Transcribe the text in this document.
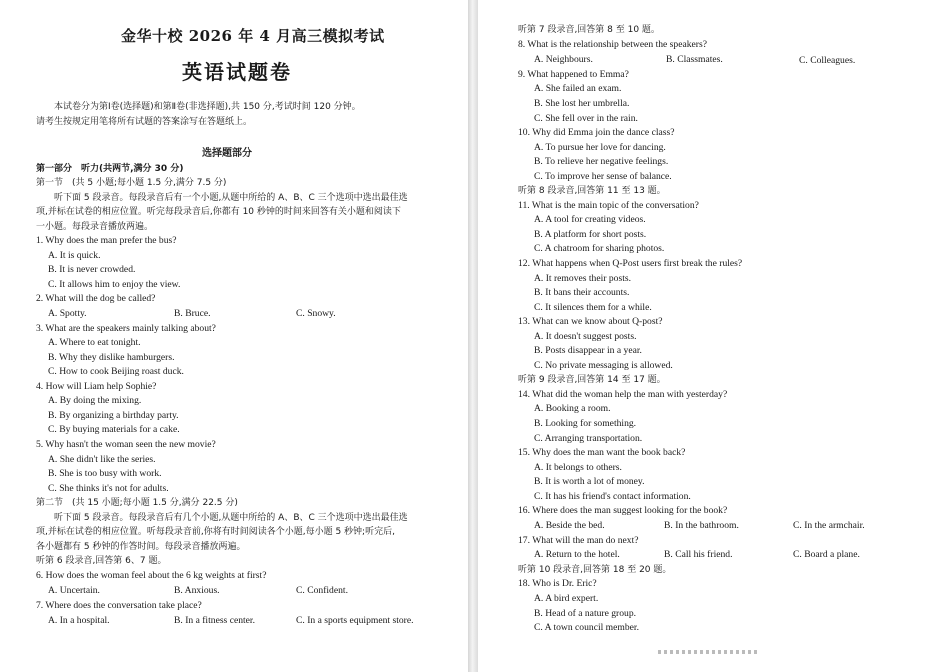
金华十校 2026 年 4 月高三模拟考试
英语试题卷
本试卷分为第Ⅰ卷(选择题)和第Ⅱ卷(非选择题),共 150 分,考试时间 120 分钟。
请考生按规定用笔将所有试题的答案涂写在答题纸上。
选择题部分
第一部分　听力(共两节,满分 30 分)
第一节　(共 5 小题;每小题 1.5 分,满分 7.5 分)
听下面 5 段录音。每段录音后有一个小题,从题中所给的 A、B、C 三个选项中选出最佳选
项,并标在试卷的相应位置。听完每段录音后,你都有 10 秒钟的时间来回答有关小题和阅读下
一小题。每段录音播放两遍。
1. Why does the man prefer the bus?
A. It is quick.
B. It is never crowded.
C. It allows him to enjoy the view.
2. What will the dog be called?
A. Spotty.	B. Bruce.	C. Snowy.
3. What are the speakers mainly talking about?
A. Where to eat tonight.
B. Why they dislike hamburgers.
C. How to cook Beijing roast duck.
4. How will Liam help Sophie?
A. By doing the mixing.
B. By organizing a birthday party.
C. By buying materials for a cake.
5. Why hasn't the woman seen the new movie?
A. She didn't like the series.
B. She is too busy with work.
C. She thinks it's not for adults.
第二节　(共 15 小题;每小题 1.5 分,满分 22.5 分)
听下面 5 段录音。每段录音后有几个小题,从题中所给的 A、B、C 三个选项中选出最佳选
项,并标在试卷的相应位置。听每段录音前,你将有时间阅读各个小题,每小题 5 秒钟;听完后,
各小题都有 5 秒钟的作答时间。每段录音播放两遍。
听第 6 段录音,回答第 6、7 题。
6. How does the woman feel about the 6 kg weights at first?
A. Uncertain.	B. Anxious.	C. Confident.
7. Where does the conversation take place?
A. In a hospital.	B. In a fitness center.	C. In a sports equipment store.
听第 7 段录音,回答第 8 至 10 题。
8. What is the relationship between the speakers?
A. Neighbours.	B. Classmates.	C. Colleagues.
9. What happened to Emma?
A. She failed an exam.
B. She lost her umbrella.
C. She fell over in the rain.
10. Why did Emma join the dance class?
A. To pursue her love for dancing.
B. To relieve her negative feelings.
C. To improve her sense of balance.
听第 8 段录音,回答第 11 至 13 题。
11. What is the main topic of the conversation?
A. A tool for creating videos.
B. A platform for short posts.
C. A chatroom for sharing photos.
12. What happens when Q-Post users first break the rules?
A. It removes their posts.
B. It bans their accounts.
C. It silences them for a while.
13. What can we know about Q-post?
A. It doesn't suggest posts.
B. Posts disappear in a year.
C. No private messaging is allowed.
听第 9 段录音,回答第 14 至 17 题。
14. What did the woman help the man with yesterday?
A. Booking a room.
B. Looking for something.
C. Arranging transportation.
15. Why does the man want the book back?
A. It belongs to others.
B. It is worth a lot of money.
C. It has his friend's contact information.
16. Where does the man suggest looking for the book?
A. Beside the bed.	B. In the bathroom.	C. In the armchair.
17. What will the man do next?
A. Return to the hotel.	B. Call his friend.	C. Board a plane.
听第 10 段录音,回答第 18 至 20 题。
18. Who is Dr. Eric?
A. A bird expert.
B. Head of a nature group.
C. A town council member.
